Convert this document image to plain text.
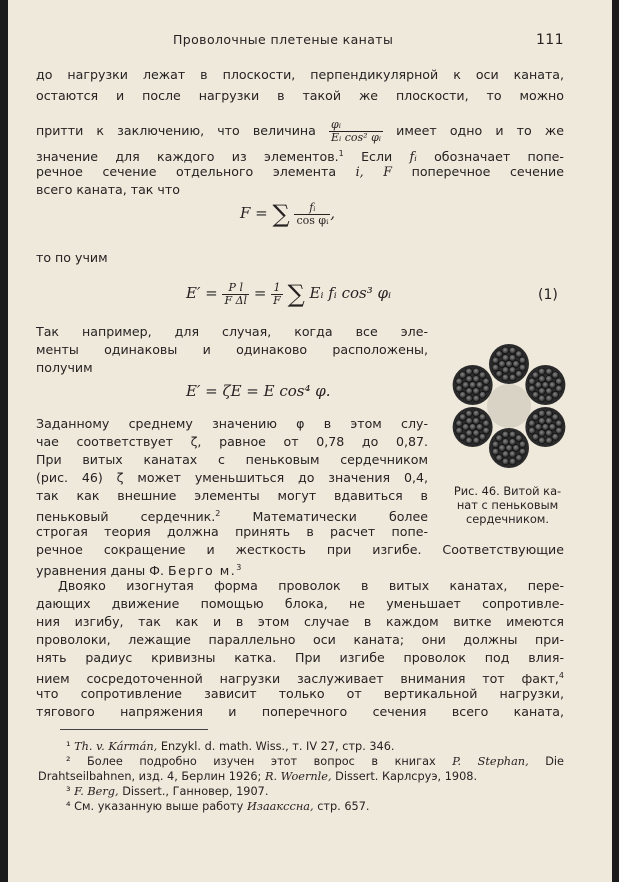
Проволочные плетеные канаты	111
до нагрузки лежат в плоскости, перпендикулярной к оси каната,
остаются и после нагрузки в такой же плоскости, то можно
притти к заключению, что величина $\frac{\text{φᵢ}}{\text{Eᵢ cos² φᵢ}}$ имеет одно и то же
значение для каждого из элементов.$^1$ Если fᵢ обозначает попе-
речное сечение отдельного элемента i, F поперечное сечение
всего каната, так что
F = ∑ $\frac{\text{fᵢ}}{\text{cos φᵢ}}$ ,
то по учим
$E' = \frac{\text{P l}}{\text{F Δl}} = \frac{1}{F}$ ∑ Eᵢ fᵢ cos³ φᵢ	(1)
Так например, для случая, когда все эле-
менты одинаковы и одинаково расположены,
получим
E′ = ζE = E cos⁴ φ.
Заданному среднему значению φ в этом слу-
чае соответствует ζ, равное от 0,78 до 0,87.
При витых канатах с пеньковым сердечником
(рис. 46) ζ может уменьшиться до значения 0,4,
так как внешние элементы могут вдавиться в
пеньковый сердечник.$^2$	Математически более
строгая теория должна принять в расчет попе-
речное сокращение и жесткость при изгибе. Соответствующие
уравнения даны Ф. Берго м.$^3$
Двояко изогнутая форма проволок в витых канатах, пере-
дающих движение помощью блока, не уменьшает сопротивле-
ния изгибу, так как и в этом случае в каждом витке имеются
проволоки, лежащие параллельно оси каната; они должны при-
нять радиус кривизны катка. При изгибе проволок под влия-
нием сосредоточенной нагрузки заслуживает внимания тот факт,$^4$
что сопротивление зависит только от вертикальной нагрузки,
тягового напряжения и поперечного сечения всего каната,
Рис. 46. Витой ка-
нат с пеньковым
сердечником.
¹ Th. v. Kármán, Enzykl. d. math. Wiss., т. IV 27, стр. 346.
² Более подробно изучен этот вопрос в книгах P. Stephan, Die
Drahtseilbahnen, изд. 4, Берлин 1926; R. Woernle, Dissert. Карлсруэ, 1908.
³ F. Berg, Dissert., Ганновер, 1907.
⁴ См. указанную выше работу Изаакссна, стр. 657.
